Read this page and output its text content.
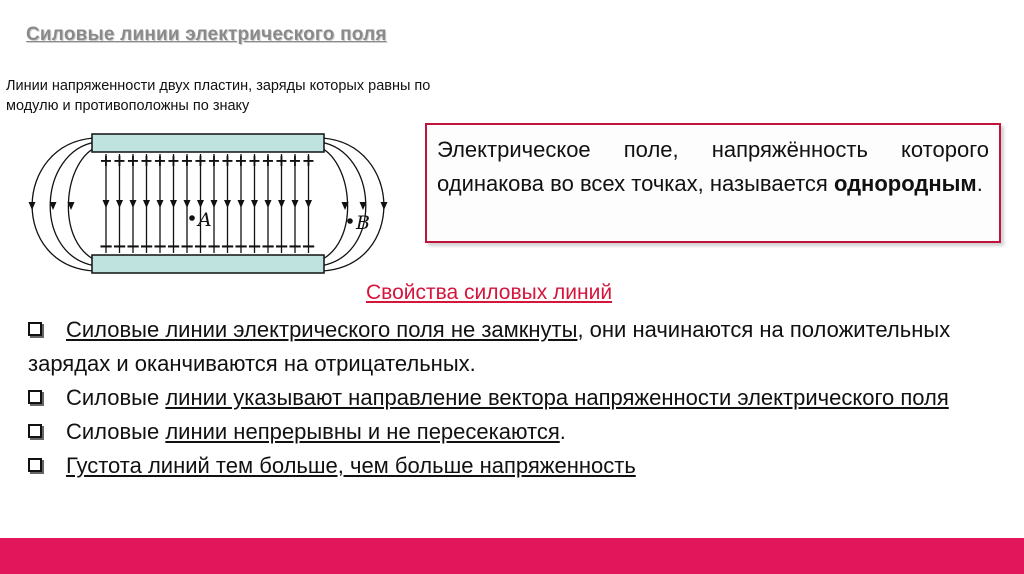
Силовые линии электрического поля
Линии напряженности двух пластин, заряды которых равны по модулю и противоположны по знаку
+ + + + + + + + + + + + + + + +
−
−
−
−
−
−
−
−
−
−
−
−
−
−
−
−
A	B
Электрическое поле, напряжённость которого одинакова во всех точках, называется однородным.
Свойства силовых линий
Силовые линии электрического поля не замкнуты, они начинаются на положительных зарядах и оканчиваются на отрицательных.
Силовые линии указывают направление вектора напряженности электрического поля
Силовые линии непрерывны и не пересекаются.
Густота линий тем больше, чем больше напряженность
